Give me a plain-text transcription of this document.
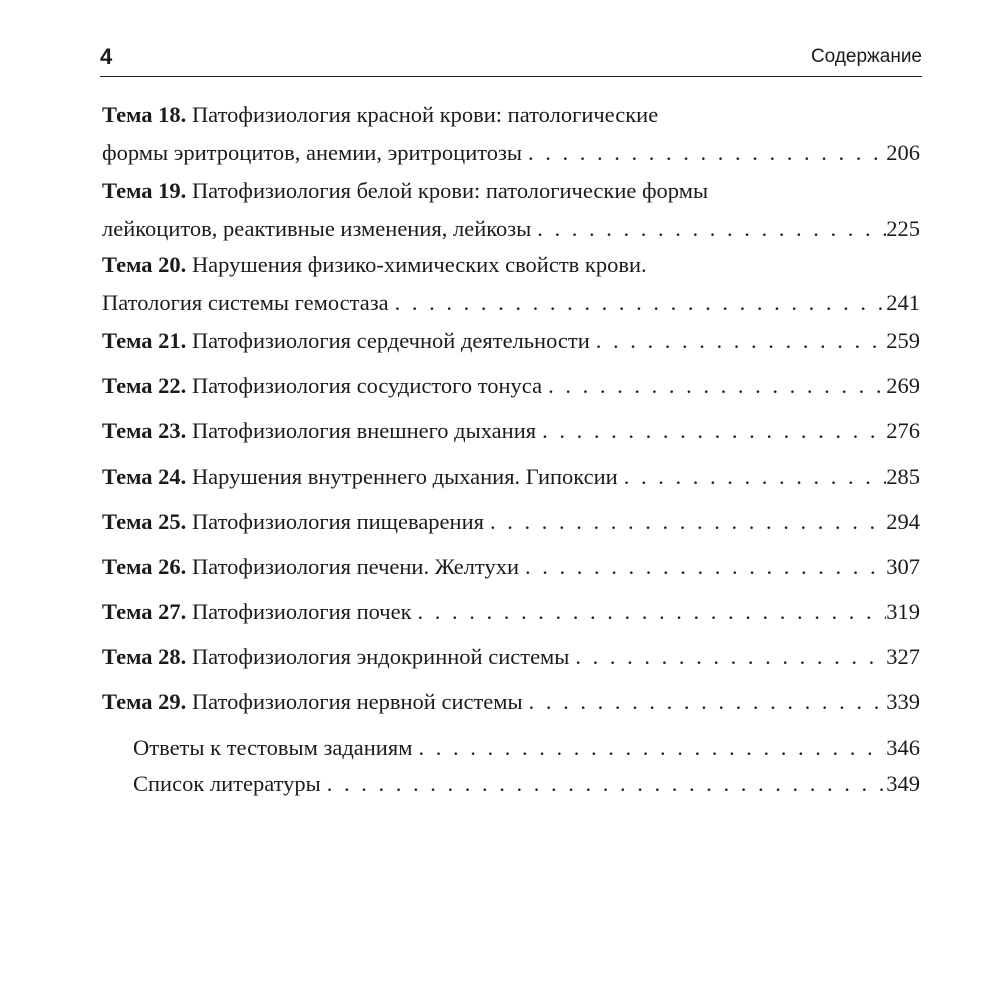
4	Содержание
Тема 18. Патофизиология красной крови: патологические
формы эритроцитов, анемии, эритроцитозы . . .	206
Тема 19. Патофизиология белой крови: патологические формы
лейкоцитов, реактивные изменения, лейкозы . . .	225
Тема 20. Нарушения физико-химических свойств крови.
Патология системы гемостаза . . .	241
Тема 21. Патофизиология сердечной деятельности . . .	259
Тема 22. Патофизиология сосудистого тонуса . . .	269
Тема 23. Патофизиология внешнего дыхания . . .	276
Тема 24. Нарушения внутреннего дыхания. Гипоксии . . .	285
Тема 25. Патофизиология пищеварения . . .	294
Тема 26. Патофизиология печени. Желтухи . . .	307
Тема 27. Патофизиология почек . . .	319
Тема 28. Патофизиология эндокринной системы . . .	327
Тема 29. Патофизиология нервной системы . . .	339
Ответы к тестовым заданиям . . .	346
Список литературы . . .	349
